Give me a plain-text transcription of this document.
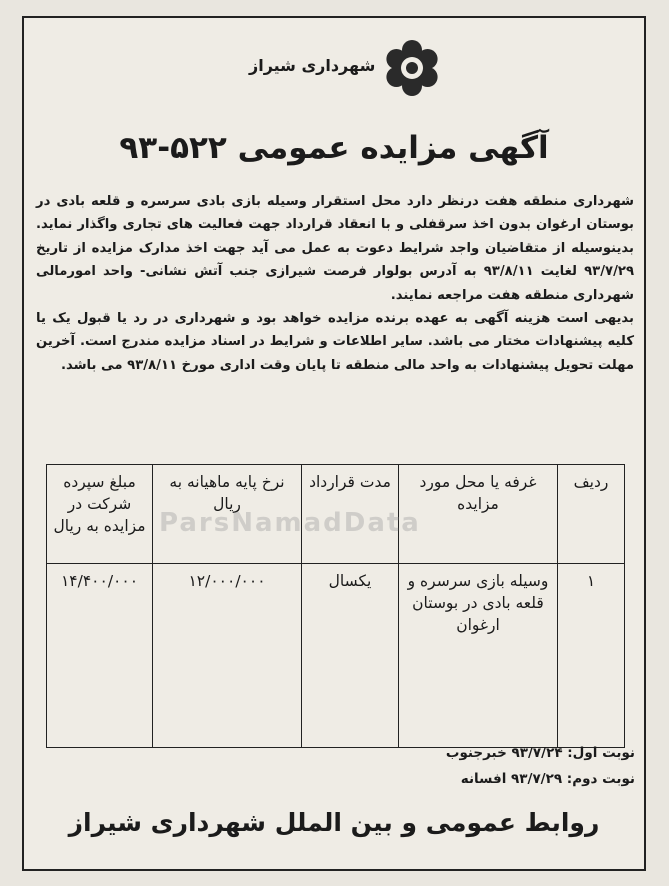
شهرداری شیراز
آگهی مزایده عمومی ۵۲۲-۹۳

شهرداری منطقه هفت درنظر دارد محل استقرار وسیله بازی بادی سرسره و قلعه بادی در بوستان ارغوان بدون اخذ سرقفلی و با انعقاد قرارداد جهت فعالیت های تجاری واگذار نماید. بدینوسیله از متقاضیان واجد شرایط دعوت به عمل می آید جهت اخذ مدارک مزایده از تاریخ ۹۳/۷/۲۹ لغایت ۹۳/۸/۱۱ به آدرس بولوار فرصت شیرازی جنب آتش نشانی- واحد امورمالی شهرداری منطقه هفت مراجعه نمایند.

بدیهی است هزینه آگهی به عهده برنده مزایده خواهد بود و شهرداری در رد یا قبول یک یا کلیه پیشنهادات مختار می باشد. سایر اطلاعات و شرایط در اسناد مزایده مندرج است. آخرین مهلت تحویل پیشنهادات به واحد مالی منطقه تا پایان وقت اداری مورخ ۹۳/۸/۱۱ می باشد.

ردیف	غرفه یا محل مورد مزایده	مدت قرارداد	نرخ پایه ماهیانه به ریال	مبلغ سپرده شرکت در مزایده به ریال
۱	وسیله بازی سرسره و قلعه بادی در بوستان ارغوان	یکسال	۱۲/۰۰۰/۰۰۰	۱۴/۴۰۰/۰۰۰
ParsNamadData
نوبت اول: ۹۳/۷/۲۴ خبرجنوب
نوبت دوم: ۹۳/۷/۲۹ افسانه
روابط عمومی و بین الملل شهرداری شیراز
